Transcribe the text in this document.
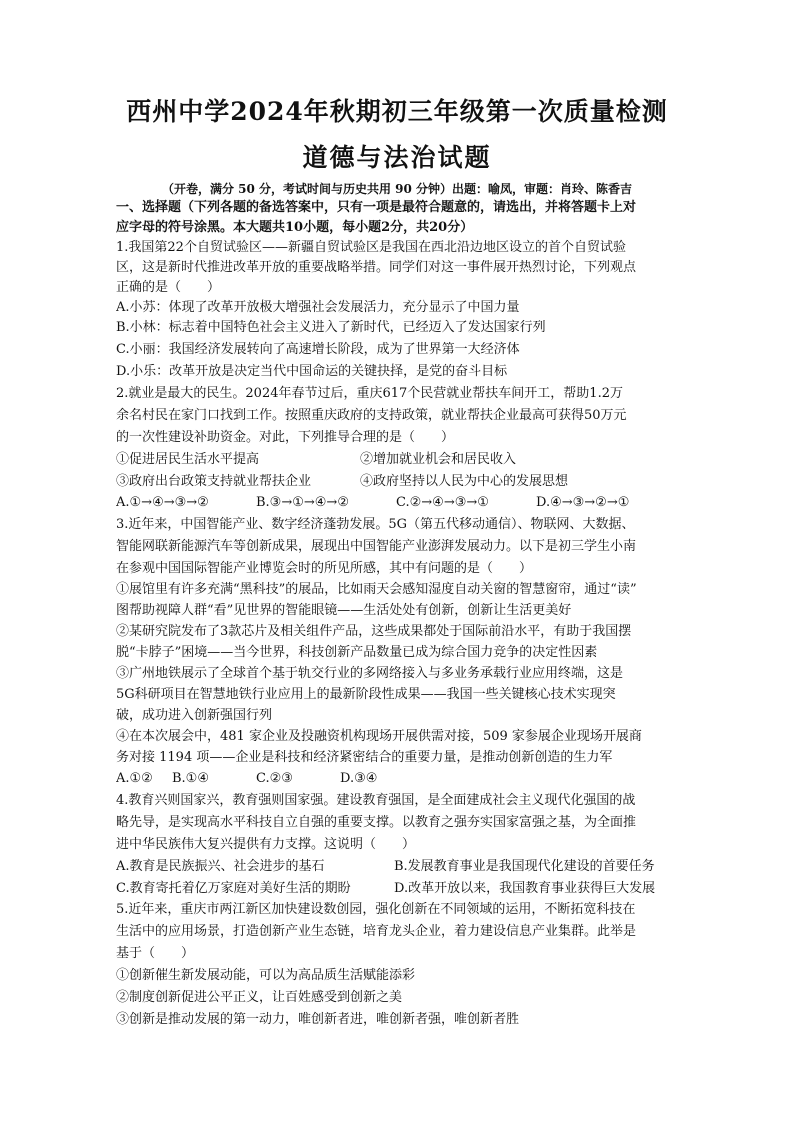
西州中学2024年秋期初三年级第一次质量检测
道德与法治试题
（开卷，满分 50 分，考试时间与历史共用 90 分钟）出题：喻凤，审题：肖玲、陈香吉
一、选择题（下列各题的备选答案中，只有一项是最符合题意的，请选出，并将答题卡上对
应字母的符号涂黑。本大题共10小题，每小题2分，共20分）
1.我国第22个自贸试验区——新疆自贸试验区是我国在西北沿边地区设立的首个自贸试验
区，这是新时代推进改革开放的重要战略举措。同学们对这一事件展开热烈讨论，下列观点
正确的是（　　）
A.小苏：体现了改革开放极大增强社会发展活力，充分显示了中国力量
B.小林：标志着中国特色社会主义进入了新时代，已经迈入了发达国家行列
C.小丽：我国经济发展转向了高速增长阶段，成为了世界第一大经济体
D.小乐：改革开放是决定当代中国命运的关键抉择，是党的奋斗目标
2.就业是最大的民生。2024年春节过后，重庆617个民营就业帮扶车间开工，帮助1.2万
余名村民在家门口找到工作。按照重庆政府的支持政策，就业帮扶企业最高可获得50万元
的一次性建设补助资金。对此，下列推导合理的是（　　）
①促进居民生活水平提高	②增加就业机会和居民收入
③政府出台政策支持就业帮扶企业	④政府坚持以人民为中心的发展思想
A.①→④→③→②	B.③→①→④→②	C.②→④→③→①	D.④→③→②→①
3.近年来，中国智能产业、数字经济蓬勃发展。5G（第五代移动通信）、物联网、大数据、
智能网联新能源汽车等创新成果，展现出中国智能产业澎湃发展动力。以下是初三学生小南
在参观中国国际智能产业博览会时的所见所感，其中有问题的是（　　）
①展馆里有许多充满“黑科技”的展品，比如雨天会感知湿度自动关窗的智慧窗帘，通过“读”
图帮助视障人群“看”见世界的智能眼镜——生活处处有创新，创新让生活更美好
②某研究院发布了3款芯片及相关组件产品，这些成果都处于国际前沿水平，有助于我国摆
脱“卡脖子”困境——当今世界，科技创新产品数量已成为综合国力竞争的决定性因素
③广州地铁展示了全球首个基于轨交行业的多网络接入与多业务承载行业应用终端，这是
5G科研项目在智慧地铁行业应用上的最新阶段性成果——我国一些关键核心技术实现突
破，成功进入创新强国行列
④在本次展会中，481 家企业及投融资机构现场开展供需对接，509 家参展企业现场开展商
务对接 1194 项——企业是科技和经济紧密结合的重要力量，是推动创新创造的生力军
A.①② B.①④	C.②③	D.③④
4.教育兴则国家兴，教育强则国家强。建设教育强国，是全面建成社会主义现代化强国的战
略先导，是实现高水平科技自立自强的重要支撑。以教育之强夯实国家富强之基，为全面推
进中华民族伟大复兴提供有力支撑。这说明（　　）
A.教育是民族振兴、社会进步的基石	B.发展教育事业是我国现代化建设的首要任务
C.教育寄托着亿万家庭对美好生活的期盼	D.改革开放以来，我国教育事业获得巨大发展
5.近年来，重庆市两江新区加快建设数创园，强化创新在不同领域的运用，不断拓宽科技在
生活中的应用场景，打造创新产业生态链，培育龙头企业，着力建设信息产业集群。此举是
基于（　　）
①创新催生新发展动能，可以为高品质生活赋能添彩
②制度创新促进公平正义，让百姓感受到创新之美
③创新是推动发展的第一动力，唯创新者进，唯创新者强，唯创新者胜
